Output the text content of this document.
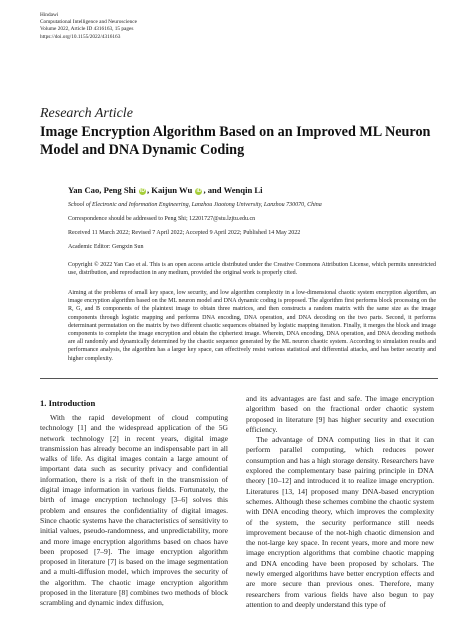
Hindawi
Computational Intelligence and Neuroscience
Volume 2022, Article ID 4316163, 15 pages
https://doi.org/10.1155/2022/4316163
Research Article
Image Encryption Algorithm Based on an Improved ML Neuron Model and DNA Dynamic Coding
Yan Cao, Peng Shi iD , Kaijun Wu iD , and Wenqin Li
School of Electronic and Information Engineering, Lanzhou Jiaotong University, Lanzhou 730070, China
Correspondence should be addressed to Peng Shi; 12201727@stu.lzjtu.edu.cn
Received 11 March 2022; Revised 7 April 2022; Accepted 9 April 2022; Published 14 May 2022
Academic Editor: Gengxin Sun
Copyright © 2022 Yan Cao et al. This is an open access article distributed under the Creative Commons Attribution License, which permits unrestricted use, distribution, and reproduction in any medium, provided the original work is properly cited.
Aiming at the problems of small key space, low security, and low algorithm complexity in a low-dimensional chaotic system encryption algorithm, an image encryption algorithm based on the ML neuron model and DNA dynamic coding is proposed. The algorithm first performs block processing on the R, G, and B components of the plaintext image to obtain three matrices, and then constructs a random matrix with the same size as the image components through logistic mapping and performs DNA encoding, DNA operation, and DNA decoding on the two parts. Second, it performs determinant permutation on the matrix by two different chaotic sequences obtained by logistic mapping iteration. Finally, it merges the block and image components to complete the image encryption and obtain the ciphertext image. Wherein, DNA encoding, DNA operation, and DNA decoding methods are all randomly and dynamically determined by the chaotic sequence generated by the ML neuron chaotic system. According to simulation results and performance analysis, the algorithm has a larger key space, can effectively resist various statistical and differential attacks, and has better security and higher complexity.
1. Introduction

With the rapid development of cloud computing technology [1] and the widespread application of the 5G network technology [2] in recent years, digital image transmission has already become an indispensable part in all walks of life. As digital images contain a large amount of important data such as security privacy and confidential information, there is a risk of theft in the transmission of digital image information in various fields. Fortunately, the birth of image encryption technology [3–6] solves this problem and ensures the confidentiality of digital images. Since chaotic systems have the characteristics of sensitivity to initial values, pseudo-randomness, and unpredictability, more and more image encryption algorithms based on chaos have been proposed [7–9]. The image encryption algorithm proposed in literature [7] is based on the image segmentation and a multi-diffusion model, which improves the security of the algorithm. The chaotic image encryption algorithm proposed in the literature [8] combines two methods of block scrambling and dynamic index diffusion,

and its advantages are fast and safe. The image encryption algorithm based on the fractional order chaotic system proposed in literature [9] has higher security and execution efficiency.

The advantage of DNA computing lies in that it can perform parallel computing, which reduces power consumption and has a high storage density. Researchers have explored the complementary base pairing principle in DNA theory [10–12] and introduced it to realize image encryption. Literatures [13, 14] proposed many DNA-based encryption schemes. Although these schemes combine the chaotic system with DNA encoding theory, which improves the complexity of the system, the security performance still needs improvement because of the not-high chaotic dimension and the not-large key space. In recent years, more and more new image encryption algorithms that combine chaotic mapping and DNA encoding have been proposed by scholars. The newly emerged algorithms have better encryption effects and are more secure than previous ones. Therefore, many researchers from various fields have also begun to pay attention to and deeply understand this type of
